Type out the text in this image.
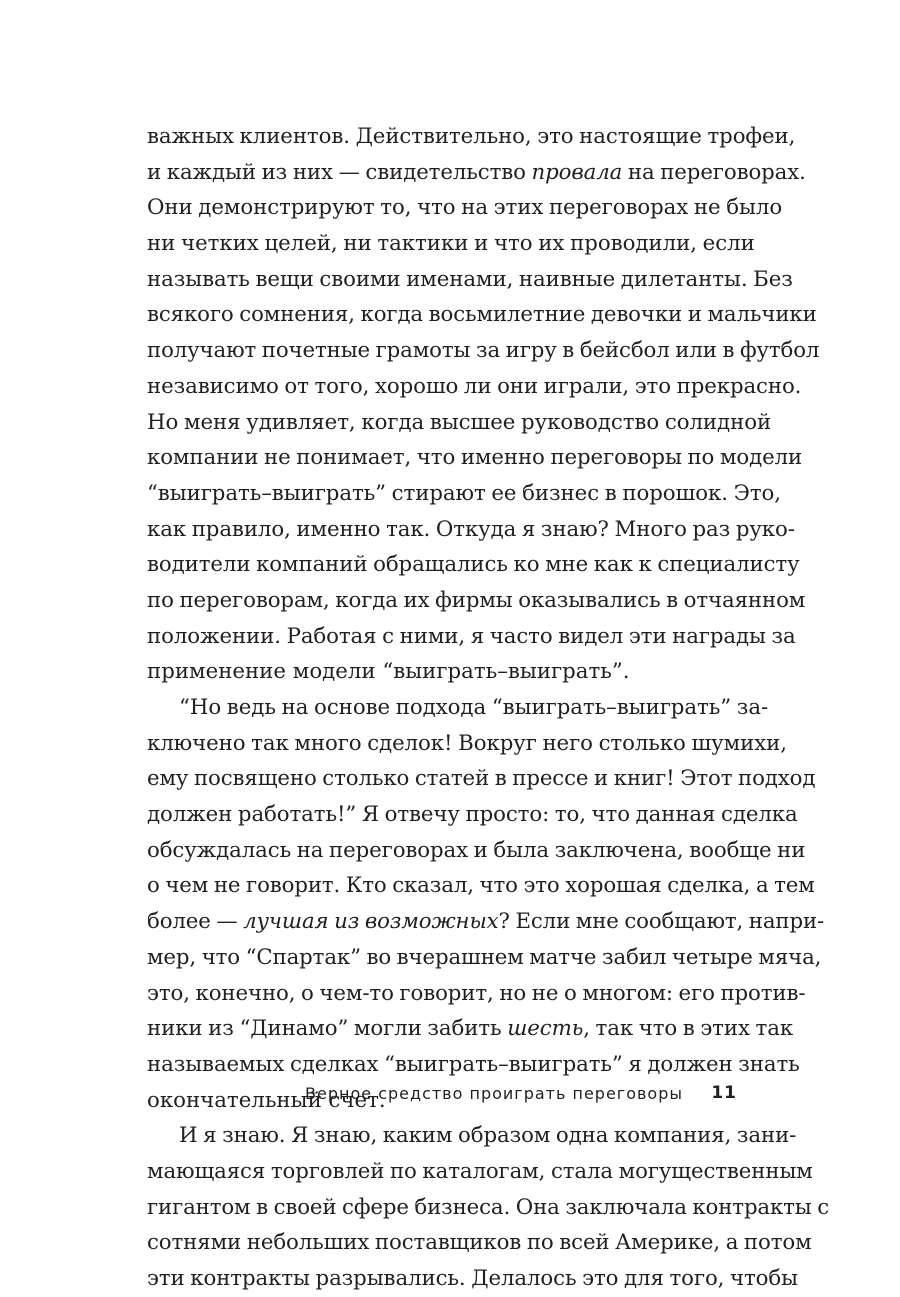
важных клиентов. Действительно, это настоящие трофеи,
и каждый из них — свидетельство провала на переговорах.
Они демонстрируют то, что на этих переговорах не было
ни четких целей, ни тактики и что их проводили, если
называть вещи своими именами, наивные дилетанты. Без
всякого сомнения, когда восьмилетние девочки и мальчики
получают почетные грамоты за игру в бейсбол или в футбол
независимо от того, хорошо ли они играли, это прекрасно.
Но меня удивляет, когда высшее руководство солидной
компании не понимает, что именно переговоры по модели
“выиграть–выиграть” стирают ее бизнес в порошок. Это,
как правило, именно так. Откуда я знаю? Много раз руко-
водители компаний обращались ко мне как к специалисту
по переговорам, когда их фирмы оказывались в отчаянном
положении. Работая с ними, я часто видел эти награды за
применение модели “выиграть–выиграть”.
“Но ведь на основе подхода “выиграть–выиграть” за-
ключено так много сделок! Вокруг него столько шумихи,
ему посвящено столько статей в прессе и книг! Этот подход
должен работать!” Я отвечу просто: то, что данная сделка
обсуждалась на переговорах и была заключена, вообще ни
о чем не говорит. Кто сказал, что это хорошая сделка, а тем
более — лучшая из возможных? Если мне сообщают, напри-
мер, что “Спартак” во вчерашнем матче забил четыре мяча,
это, конечно, о чем-то говорит, но не о многом: его против-
ники из “Динамо” могли забить шесть, так что в этих так
называемых сделках “выиграть–выиграть” я должен знать
окончательный счет.
И я знаю. Я знаю, каким образом одна компания, зани-
мающаяся торговлей по каталогам, стала могущественным
гигантом в своей сфере бизнеса. Она заключала контракты с
сотнями небольших поставщиков по всей Америке, а потом
эти контракты разрывались. Делалось это для того, чтобы
Верное средство проиграть переговоры 11
